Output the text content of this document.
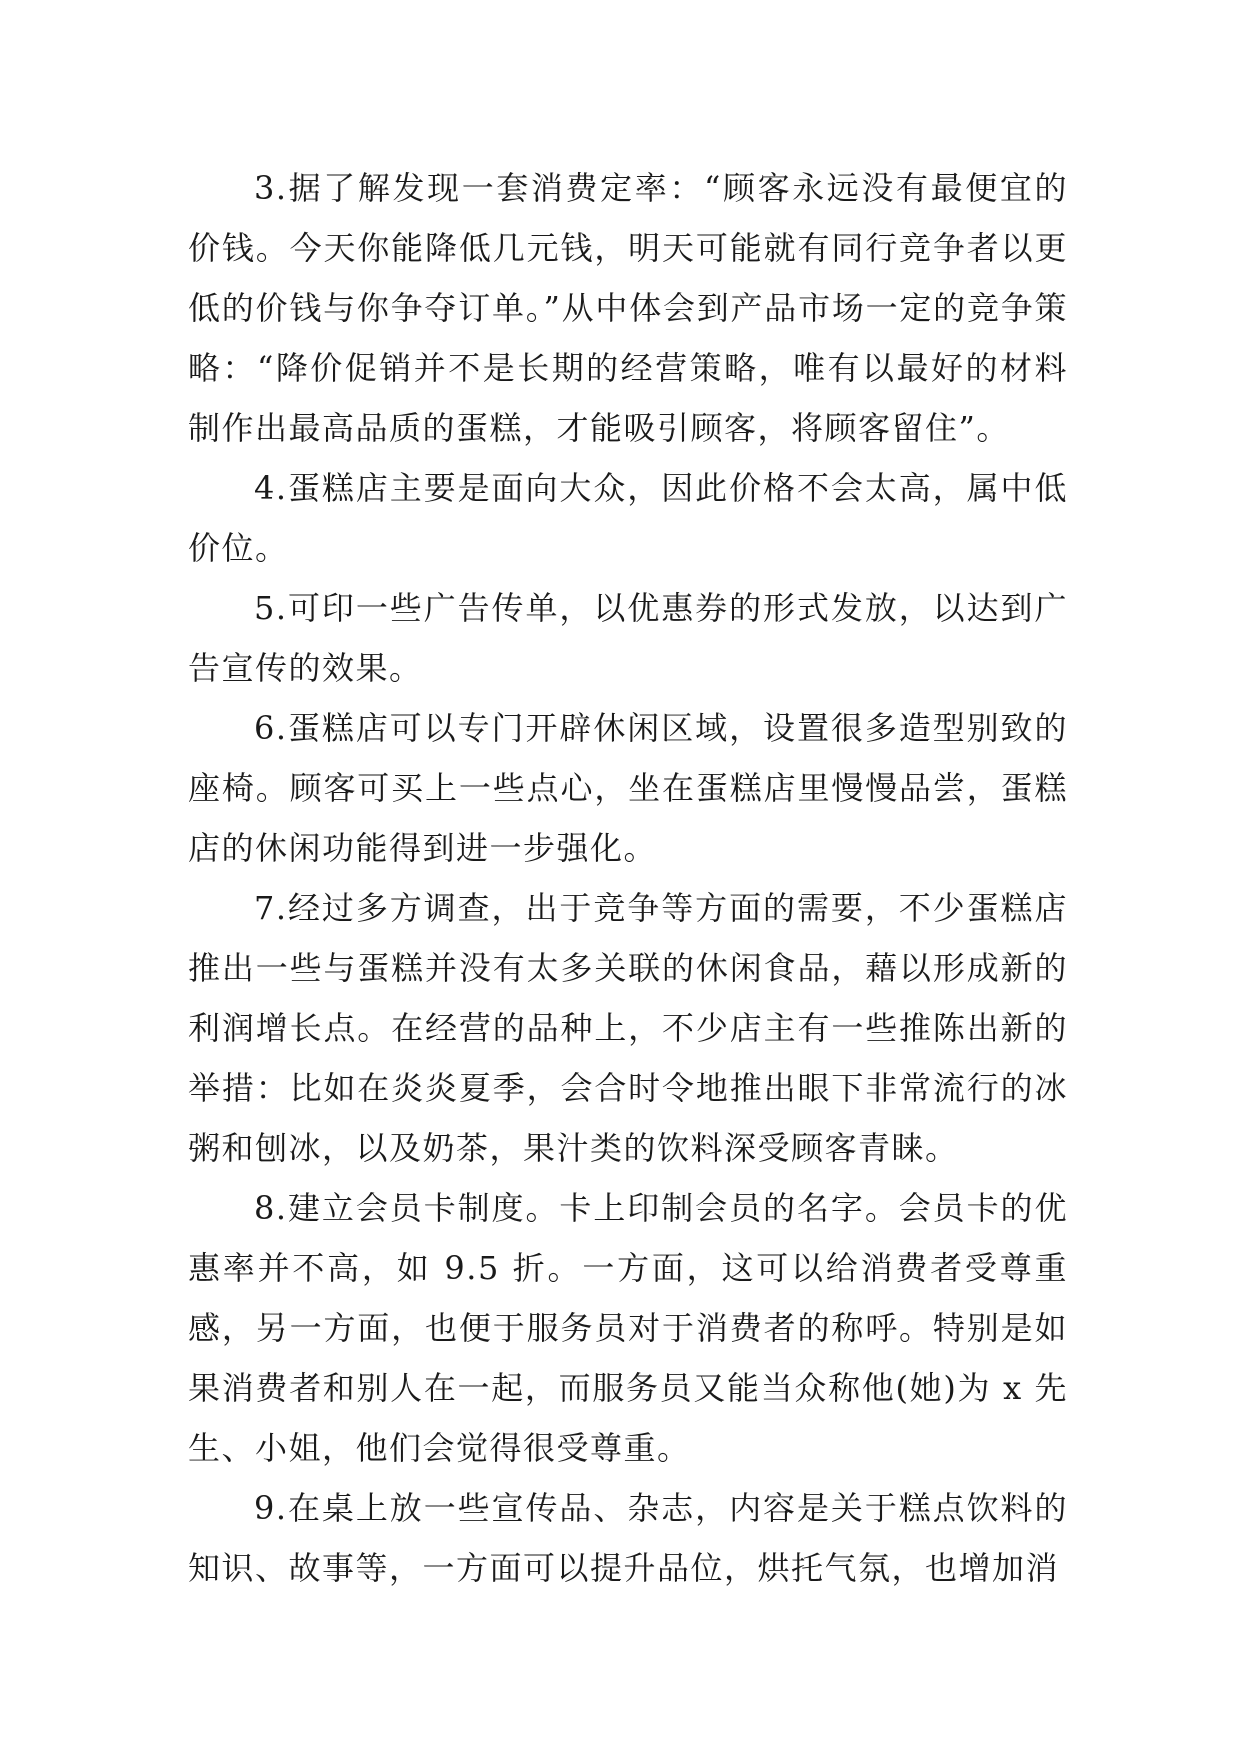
3.据了解发现一套消费定率：“顾客永远没有最便宜的价钱。今天你能降低几元钱，明天可能就有同行竞争者以更低的价钱与你争夺订单。”从中体会到产品市场一定的竞争策略：“降价促销并不是长期的经营策略，唯有以最好的材料制作出最高品质的蛋糕，才能吸引顾客，将顾客留住”。

4.蛋糕店主要是面向大众，因此价格不会太高，属中低价位。

5.可印一些广告传单，以优惠券的形式发放，以达到广告宣传的效果。

6.蛋糕店可以专门开辟休闲区域，设置很多造型别致的座椅。顾客可买上一些点心，坐在蛋糕店里慢慢品尝，蛋糕店的休闲功能得到进一步强化。

7.经过多方调查，出于竞争等方面的需要，不少蛋糕店推出一些与蛋糕并没有太多关联的休闲食品，藉以形成新的利润增长点。在经营的品种上，不少店主有一些推陈出新的举措：比如在炎炎夏季，会合时令地推出眼下非常流行的冰粥和刨冰，以及奶茶，果汁类的饮料深受顾客青睐。

8.建立会员卡制度。卡上印制会员的名字。会员卡的优惠率并不高，如 9.5 折。一方面，这可以给消费者受尊重感，另一方面，也便于服务员对于消费者的称呼。特别是如果消费者和别人在一起，而服务员又能当众称他(她)为 x 先生、小姐，他们会觉得很受尊重。

9.在桌上放一些宣传品、杂志，内容是关于糕点饮料的知识、故事等，一方面可以提升品位，烘托气氛，也增加消
